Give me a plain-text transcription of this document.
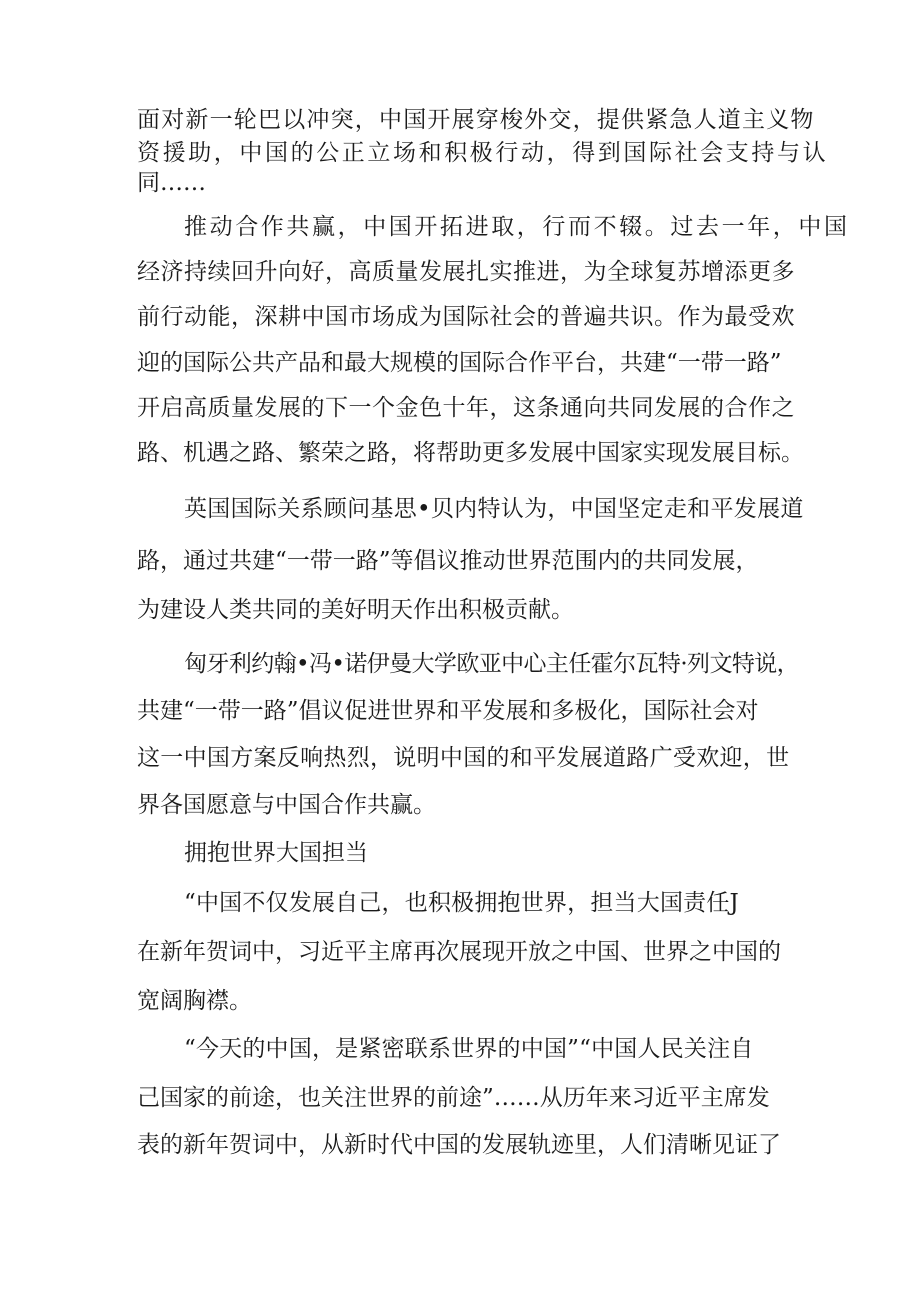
面对新一轮巴以冲突，中国开展穿梭外交，提供紧急人道主义物
资援助，中国的公正立场和积极行动，得到国际社会支持与认
同……
推动合作共赢，中国开拓进取，行而不辍。过去一年，中国
经济持续回升向好，高质量发展扎实推进，为全球复苏增添更多
前行动能，深耕中国市场成为国际社会的普遍共识。作为最受欢
迎的国际公共产品和最大规模的国际合作平台，共建“一带一路”
开启高质量发展的下一个金色十年，这条通向共同发展的合作之
路、机遇之路、繁荣之路，将帮助更多发展中国家实现发展目标。
英国国际关系顾问基思•贝内特认为，中国坚定走和平发展道
路，通过共建“一带一路”等倡议推动世界范围内的共同发展，
为建设人类共同的美好明天作出积极贡献。
匈牙利约翰•冯•诺伊曼大学欧亚中心主任霍尔瓦特·列文特说，
共建“一带一路”倡议促进世界和平发展和多极化，国际社会对
这一中国方案反响热烈，说明中国的和平发展道路广受欢迎，世
界各国愿意与中国合作共赢。
拥抱世界大国担当
“中国不仅发展自己，也积极拥抱世界，担当大国责任J
在新年贺词中，习近平主席再次展现开放之中国、世界之中国的
宽阔胸襟。
“今天的中国，是紧密联系世界的中国”“中国人民关注自
己国家的前途，也关注世界的前途”……从历年来习近平主席发
表的新年贺词中，从新时代中国的发展轨迹里，人们清晰见证了
